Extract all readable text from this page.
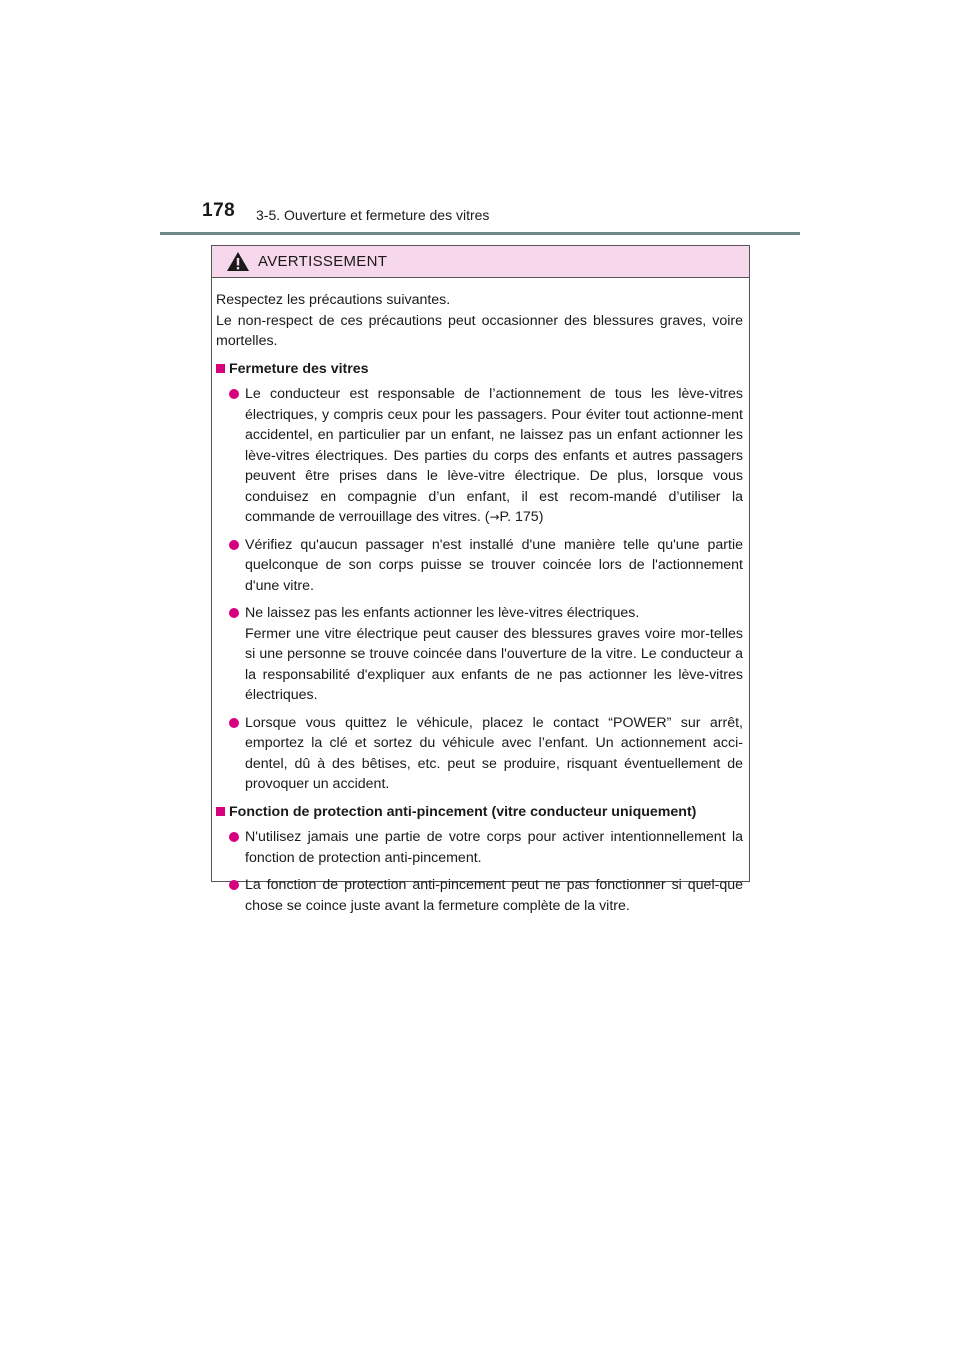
178 3-5. Ouverture et fermeture des vitres
AVERTISSEMENT

Respectez les précautions suivantes.

Le non-respect de ces précautions peut occasionner des blessures graves, voire mortelles.

Fermeture des vitres
Le conducteur est responsable de l’actionnement de tous les lève-vitres électriques, y compris ceux pour les passagers. Pour éviter tout actionne-ment accidentel, en particulier par un enfant, ne laissez pas un enfant actionner les lève-vitres électriques. Des parties du corps des enfants et autres passagers peuvent être prises dans le lève-vitre électrique. De plus, lorsque vous conduisez en compagnie d’un enfant, il est recom-mandé d’utiliser la commande de verrouillage des vitres. (→P. 175)
Vérifiez qu'aucun passager n'est installé d'une manière telle qu'une partie quelconque de son corps puisse se trouver coincée lors de l'actionnement d'une vitre.

Ne laissez pas les enfants actionner les lève-vitres électriques.

Fermer une vitre électrique peut causer des blessures graves voire mor-telles si une personne se trouve coincée dans l'ouverture de la vitre. Le conducteur a la responsabilité d'expliquer aux enfants de ne pas actionner les lève-vitres électriques.

Lorsque vous quittez le véhicule, placez le contact “POWER” sur arrêt, emportez la clé et sortez du véhicule avec l’enfant. Un actionnement acci-dentel, dû à des bêtises, etc. peut se produire, risquant éventuellement de provoquer un accident.
Fonction de protection anti-pincement (vitre conducteur uniquement)
N'utilisez jamais une partie de votre corps pour activer intentionnellement la fonction de protection anti-pincement.
La fonction de protection anti-pincement peut ne pas fonctionner si quel-que chose se coince juste avant la fermeture complète de la vitre.
